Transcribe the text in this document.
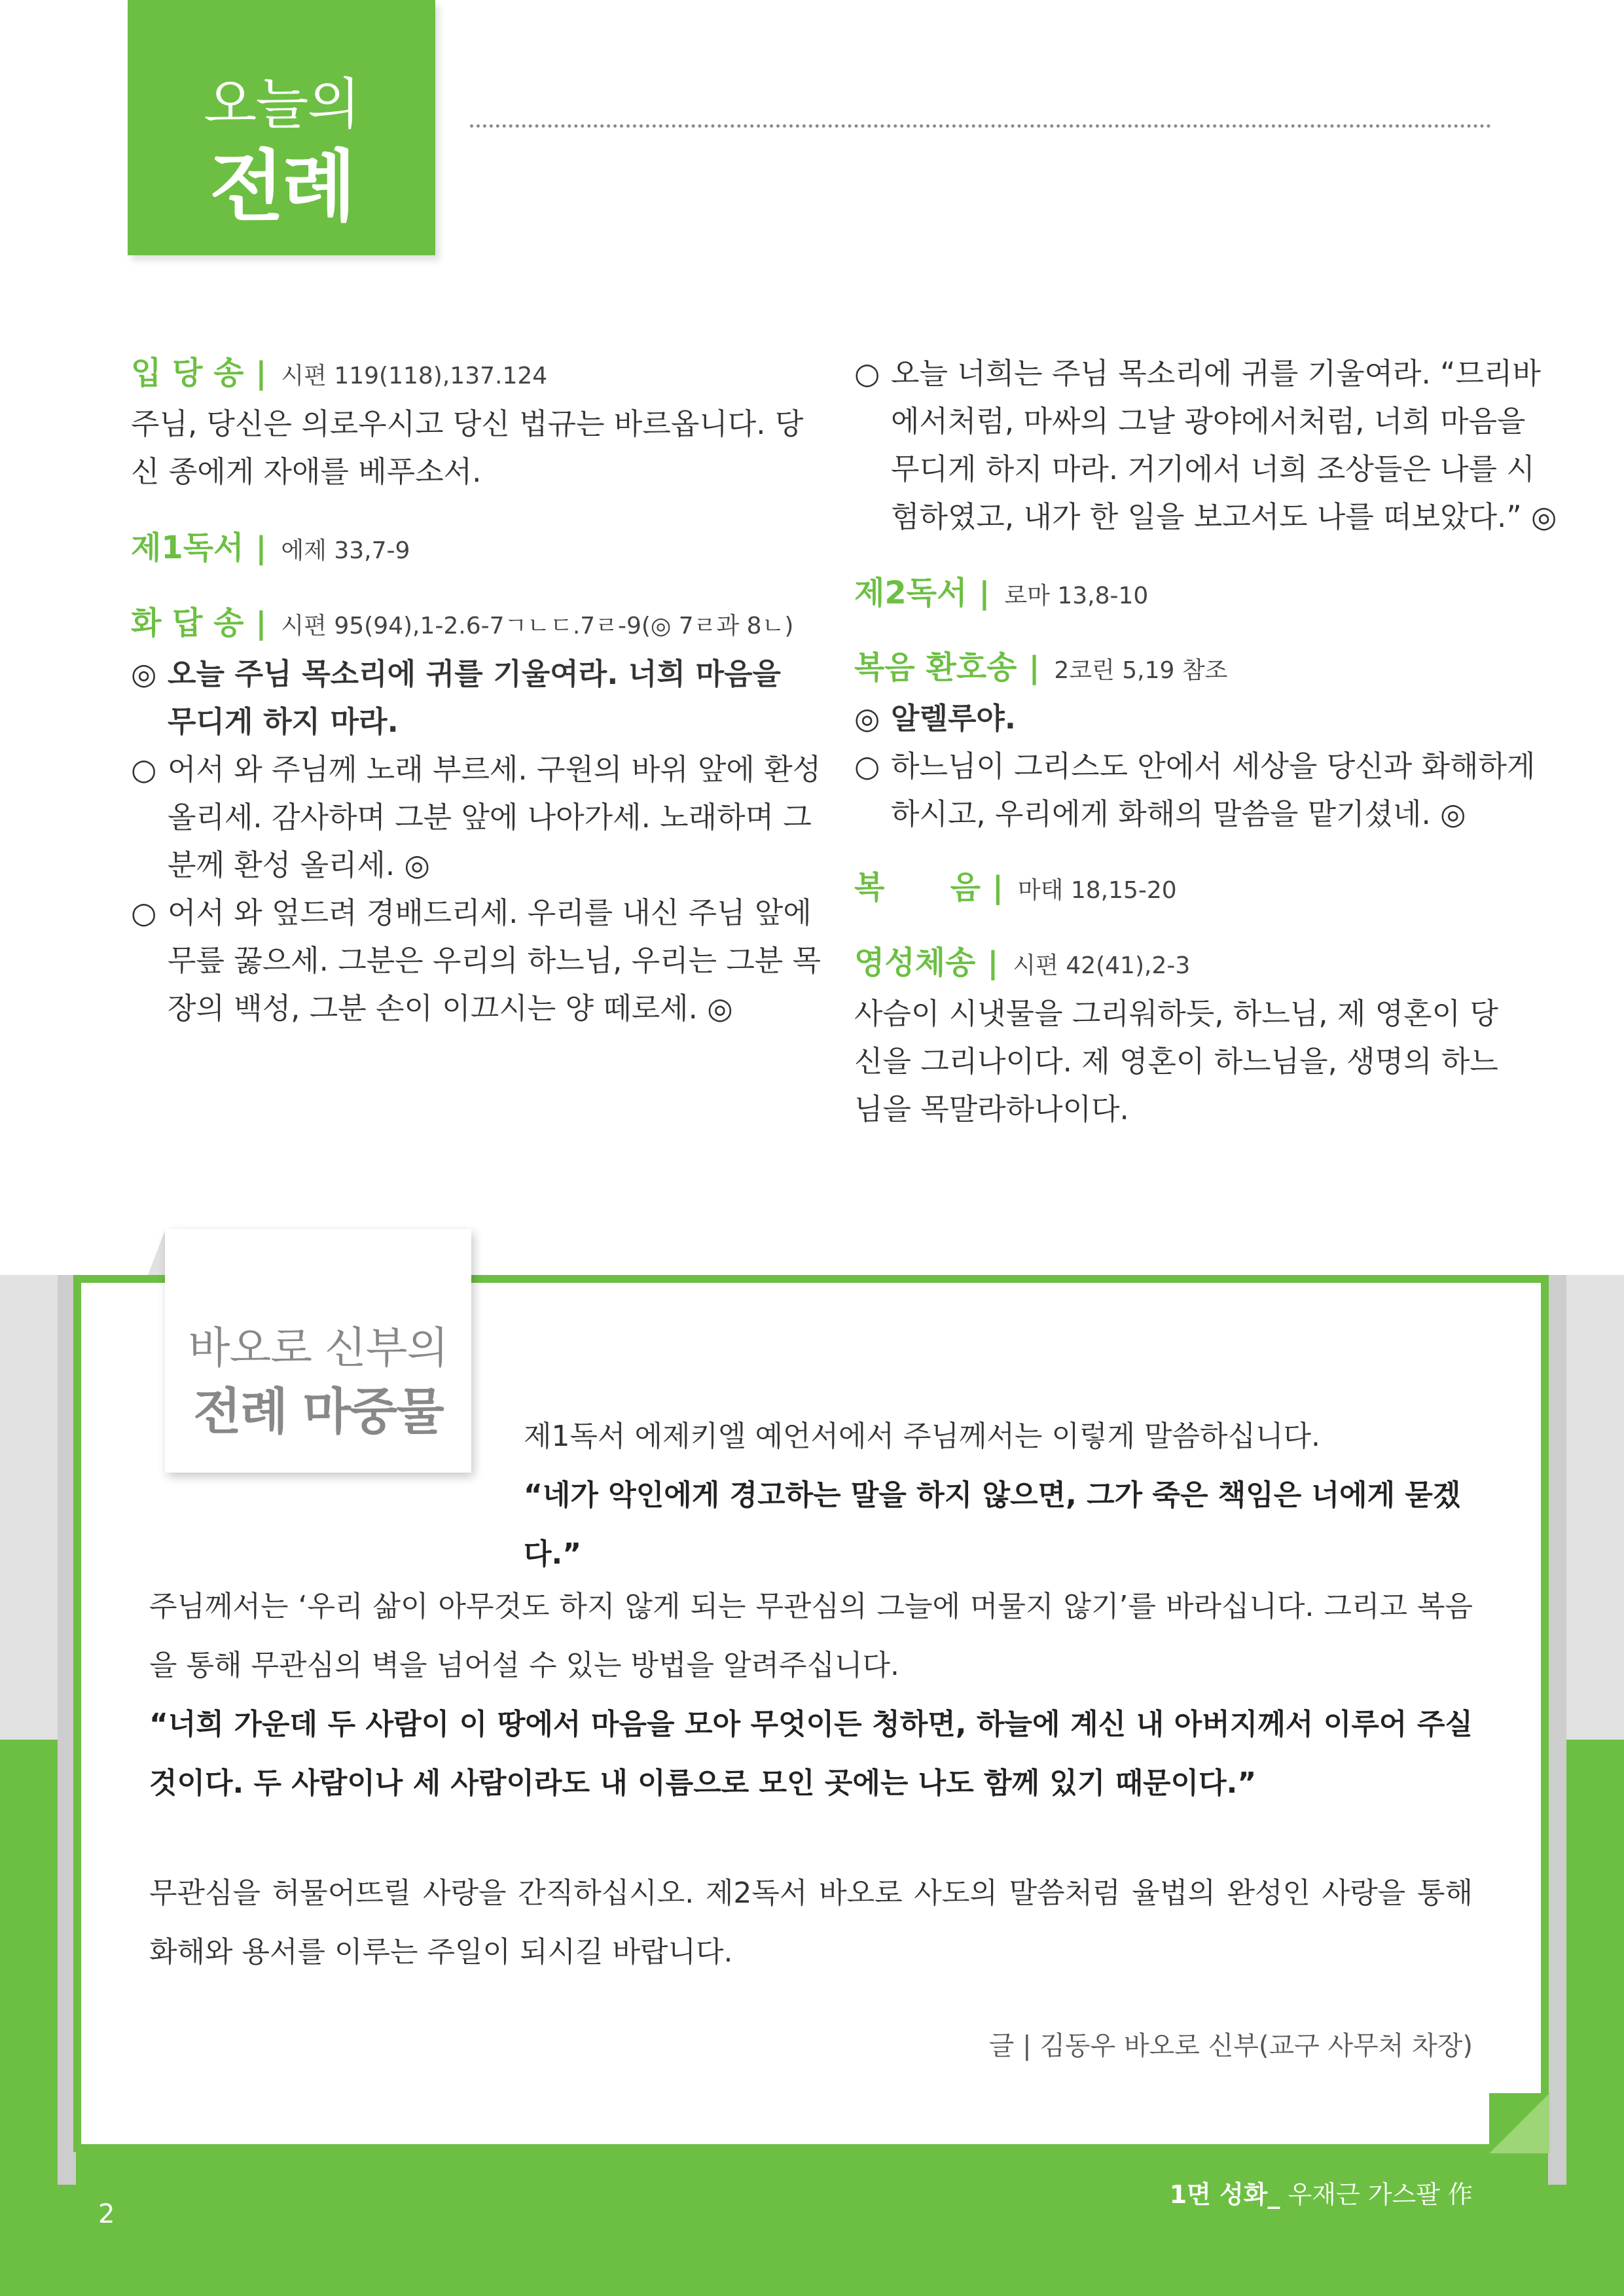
오늘의
전례
입 당 송 | 시편 119(118),137.124
주님, 당신은 의로우시고 당신 법규는 바르옵니다. 당
신 종에게 자애를 베푸소서.
제1독서 | 에제 33,7-9
화 답 송 | 시편 95(94),1-2.6-7ㄱㄴㄷ.7ㄹ-9(◎ 7ㄹ과 8ㄴ)
◎ 오늘 주님 목소리에 귀를 기울여라. 너희 마음을
무디게 하지 마라.
○ 어서 와 주님께 노래 부르세. 구원의 바위 앞에 환성
올리세. 감사하며 그분 앞에 나아가세. 노래하며 그
분께 환성 올리세. ◎
○ 어서 와 엎드려 경배드리세. 우리를 내신 주님 앞에
무릎 꿇으세. 그분은 우리의 하느님, 우리는 그분 목
장의 백성, 그분 손이 이끄시는 양 떼로세. ◎
○ 오늘 너희는 주님 목소리에 귀를 기울여라. “므리바
에서처럼, 마싸의 그날 광야에서처럼, 너희 마음을
무디게 하지 마라. 거기에서 너희 조상들은 나를 시
험하였고, 내가 한 일을 보고서도 나를 떠보았다.” ◎
제2독서 | 로마 13,8-10
복음 환호송 | 2코린 5,19 참조
◎ 알렐루야.
○ 하느님이 그리스도 안에서 세상을 당신과 화해하게
하시고, 우리에게 화해의 말씀을 맡기셨네. ◎
복      음 | 마태 18,15-20
영성체송 | 시편 42(41),2-3
사슴이 시냇물을 그리워하듯, 하느님, 제 영혼이 당
신을 그리나이다. 제 영혼이 하느님을, 생명의 하느
님을 목말라하나이다.
바오로 신부의
전례 마중물	제1독서 에제키엘 예언서에서 주님께서는 이렇게 말씀하십니다.
“네가 악인에게 경고하는 말을 하지 않으면, 그가 죽은 책임은 너에게 묻겠다.”
주님께서는 ‘우리 삶이 아무것도 하지 않게 되는 무관심의 그늘에 머물지 않기’를 바라십니다. 그리고 복음을 통해 무관심의 벽을 넘어설 수 있는 방법을 알려주십니다.
“너희 가운데 두 사람이 이 땅에서 마음을 모아 무엇이든 청하면, 하늘에 계신 내 아버지께서 이루어 주실 것이다. 두 사람이나 세 사람이라도 내 이름으로 모인 곳에는 나도 함께 있기 때문이다.”
무관심을 허물어뜨릴 사랑을 간직하십시오. 제2독서 바오로 사도의 말씀처럼 율법의 완성인 사랑을 통해 화해와 용서를 이루는 주일이 되시길 바랍니다.
글 | 김동우 바오로 신부(교구 사무처 차장)
1면 성화_ 우재근 가스팔 作
2
